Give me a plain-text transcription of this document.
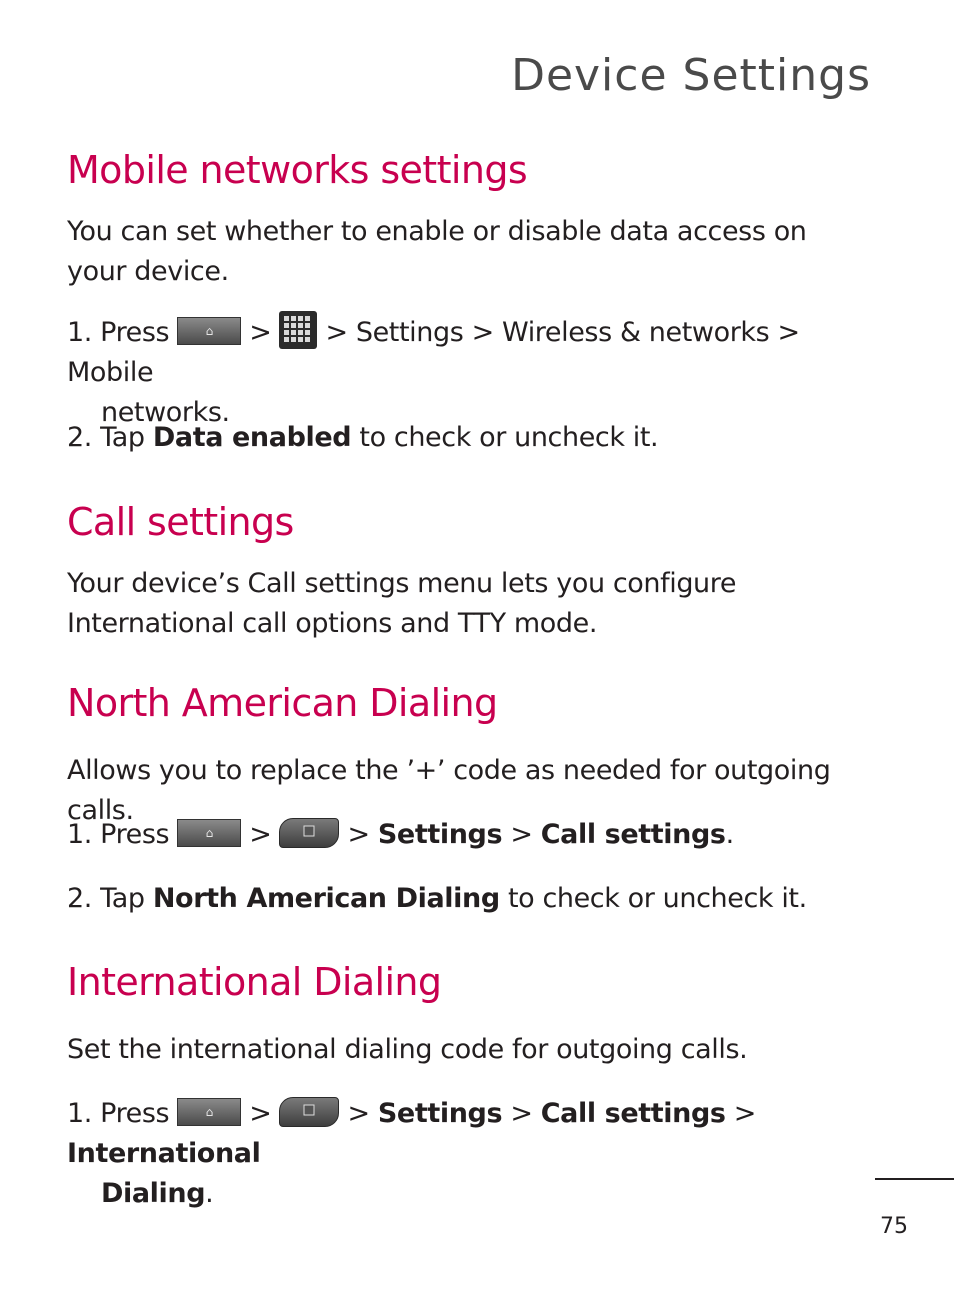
Device Settings
Mobile networks settings

You can set whether to enable or disable data access on your device.

1. Press	⌂ > > Settings > Wireless & networks > Mobile
networks.

2. Tap Data enabled to check or uncheck it.

Call settings

Your device’s Call settings menu lets you configure International call options and TTY mode.

North American Dialing

Allows you to replace the ’+’ code as needed for outgoing calls.

1. Press	⌂ >	> Settings > Call settings.

2. Tap North American Dialing to check or uncheck it.

International Dialing

Set the international dialing code for outgoing calls.

1. Press	⌂ >	> Settings > Call settings > International
Dialing.

75
